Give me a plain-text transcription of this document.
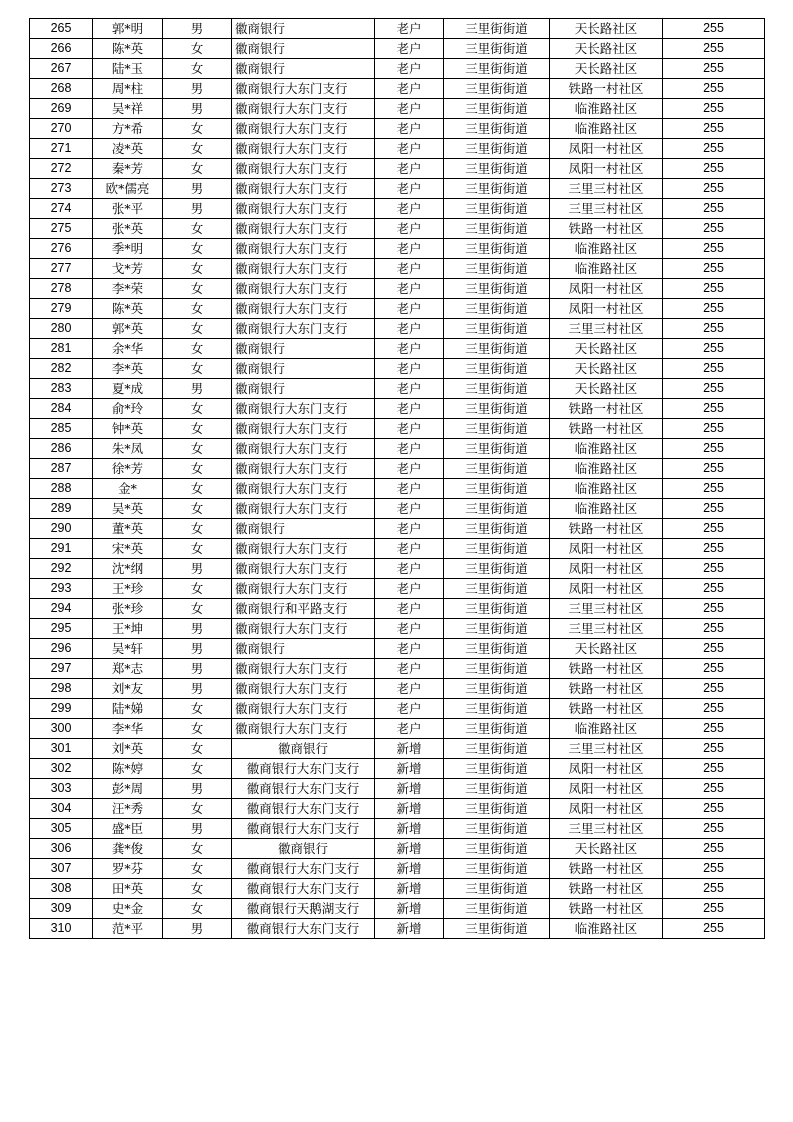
265	郭*明	男	徽商银行	老户	三里街街道	天长路社区	255
266	陈*英	女	徽商银行	老户	三里街街道	天长路社区	255
267	陆*玉	女	徽商银行	老户	三里街街道	天长路社区	255
268	周*柱	男	徽商银行大东门支行	老户	三里街街道	铁路一村社区	255
269	吴*祥	男	徽商银行大东门支行	老户	三里街街道	临淮路社区	255
270	方*希	女	徽商银行大东门支行	老户	三里街街道	临淮路社区	255
271	凌*英	女	徽商银行大东门支行	老户	三里街街道	凤阳一村社区	255
272	秦*芳	女	徽商银行大东门支行	老户	三里街街道	凤阳一村社区	255
273	欧*儒亮	男	徽商银行大东门支行	老户	三里街街道	三里三村社区	255
274	张*平	男	徽商银行大东门支行	老户	三里街街道	三里三村社区	255
275	张*英	女	徽商银行大东门支行	老户	三里街街道	铁路一村社区	255
276	季*明	女	徽商银行大东门支行	老户	三里街街道	临淮路社区	255
277	戈*芳	女	徽商银行大东门支行	老户	三里街街道	临淮路社区	255
278	李*荣	女	徽商银行大东门支行	老户	三里街街道	凤阳一村社区	255
279	陈*英	女	徽商银行大东门支行	老户	三里街街道	凤阳一村社区	255
280	郭*英	女	徽商银行大东门支行	老户	三里街街道	三里三村社区	255
281	余*华	女	徽商银行	老户	三里街街道	天长路社区	255
282	李*英	女	徽商银行	老户	三里街街道	天长路社区	255
283	夏*成	男	徽商银行	老户	三里街街道	天长路社区	255
284	俞*玲	女	徽商银行大东门支行	老户	三里街街道	铁路一村社区	255
285	钟*英	女	徽商银行大东门支行	老户	三里街街道	铁路一村社区	255
286	朱*凤	女	徽商银行大东门支行	老户	三里街街道	临淮路社区	255
287	徐*芳	女	徽商银行大东门支行	老户	三里街街道	临淮路社区	255
288	金*	女	徽商银行大东门支行	老户	三里街街道	临淮路社区	255
289	吴*英	女	徽商银行大东门支行	老户	三里街街道	临淮路社区	255
290	董*英	女	徽商银行	老户	三里街街道	铁路一村社区	255
291	宋*英	女	徽商银行大东门支行	老户	三里街街道	凤阳一村社区	255
292	沈*纲	男	徽商银行大东门支行	老户	三里街街道	凤阳一村社区	255
293	王*珍	女	徽商银行大东门支行	老户	三里街街道	凤阳一村社区	255
294	张*珍	女	徽商银行和平路支行	老户	三里街街道	三里三村社区	255
295	王*坤	男	徽商银行大东门支行	老户	三里街街道	三里三村社区	255
296	吴*轩	男	徽商银行	老户	三里街街道	天长路社区	255
297	郑*志	男	徽商银行大东门支行	老户	三里街街道	铁路一村社区	255
298	刘*友	男	徽商银行大东门支行	老户	三里街街道	铁路一村社区	255
299	陆*娣	女	徽商银行大东门支行	老户	三里街街道	铁路一村社区	255
300	李*华	女	徽商银行大东门支行	老户	三里街街道	临淮路社区	255
301	刘*英	女	徽商银行	新增	三里街街道	三里三村社区	255
302	陈*婷	女	徽商银行大东门支行	新增	三里街街道	凤阳一村社区	255
303	彭*周	男	徽商银行大东门支行	新增	三里街街道	凤阳一村社区	255
304	汪*秀	女	徽商银行大东门支行	新增	三里街街道	凤阳一村社区	255
305	盛*臣	男	徽商银行大东门支行	新增	三里街街道	三里三村社区	255
306	龚*俊	女	徽商银行	新增	三里街街道	天长路社区	255
307	罗*芬	女	徽商银行大东门支行	新增	三里街街道	铁路一村社区	255
308	田*英	女	徽商银行大东门支行	新增	三里街街道	铁路一村社区	255
309	史*金	女	徽商银行天鹅湖支行	新增	三里街街道	铁路一村社区	255
310	范*平	男	徽商银行大东门支行	新增	三里街街道	临淮路社区	255
